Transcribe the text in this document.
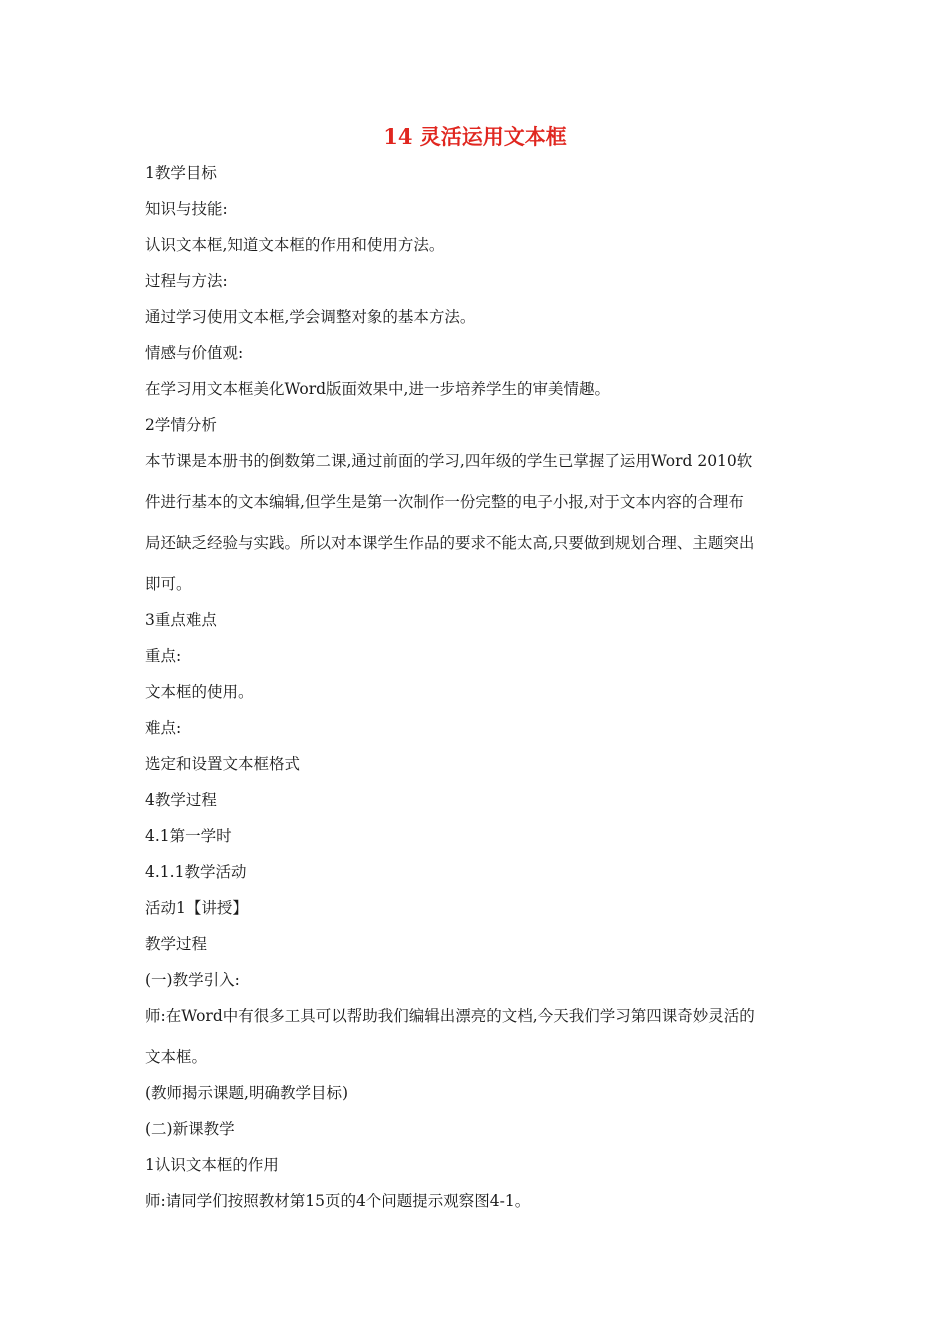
14 灵活运用文本框
1教学目标
知识与技能:
认识文本框,知道文本框的作用和使用方法。
过程与方法:
通过学习使用文本框,学会调整对象的基本方法。
情感与价值观:
在学习用文本框美化Word版面效果中,进一步培养学生的审美情趣。
2学情分析
本节课是本册书的倒数第二课,通过前面的学习,四年级的学生已掌握了运用Word 2010软
件进行基本的文本编辑,但学生是第一次制作一份完整的电子小报,对于文本内容的合理布
局还缺乏经验与实践。所以对本课学生作品的要求不能太高,只要做到规划合理、主题突出
即可。
3重点难点
重点:
文本框的使用。
难点:
选定和设置文本框格式
4教学过程
4.1第一学时
4.1.1教学活动
活动1【讲授】
教学过程
(一)教学引入:
师:在Word中有很多工具可以帮助我们编辑出漂亮的文档,今天我们学习第四课奇妙灵活的
文本框。
(教师揭示课题,明确教学目标)
(二)新课教学
1认识文本框的作用
师:请同学们按照教材第15页的4个问题提示观察图4-1。
